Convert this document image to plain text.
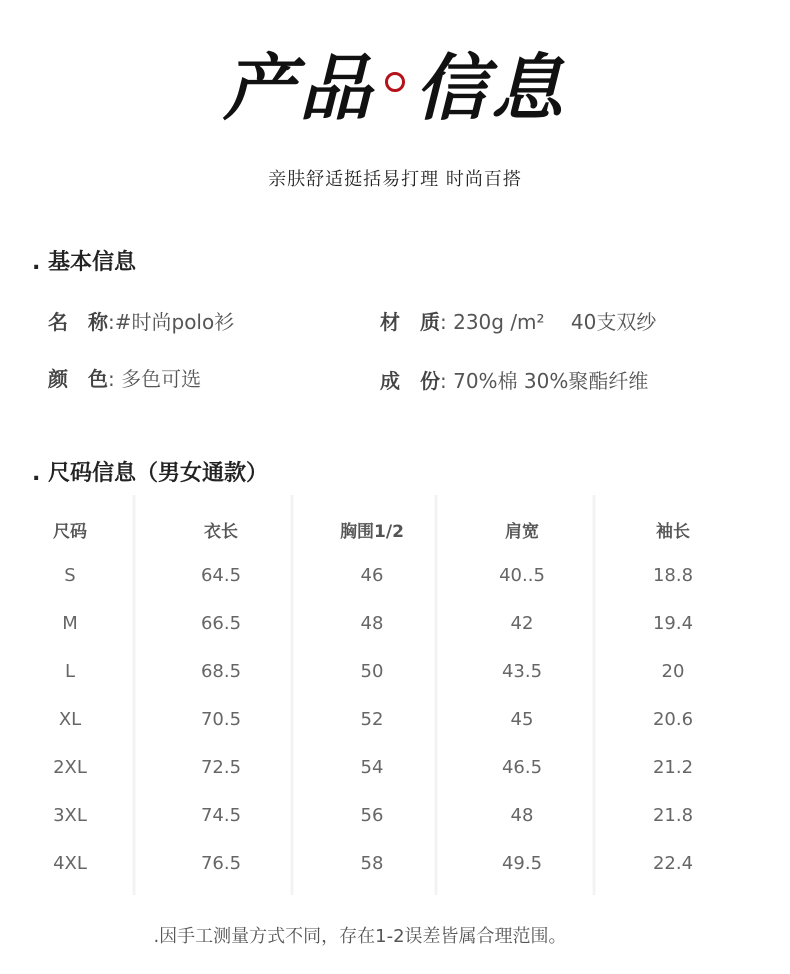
产品 信息
亲肤舒适挺括易打理 时尚百搭
. 基本信息
名　称:#时尚polo衫	材　质: 230g /m² 　40支双纱
颜　色: 多色可选	成　份: 70%棉 30%聚酯纤维
. 尺码信息（男女通款）
尺码
S
M
L
XL
2XL
3XL
4XL
衣长
64.5
66.5
68.5
70.5
72.5
74.5
76.5
胸围1/2
46
48
50
52
54
56
58
肩宽
40..5
42
43.5
45
46.5
48
49.5
袖长
18.8
19.4
20
20.6
21.2
21.8
22.4
.因手工测量方式不同，存在1-2误差皆属合理范围。
